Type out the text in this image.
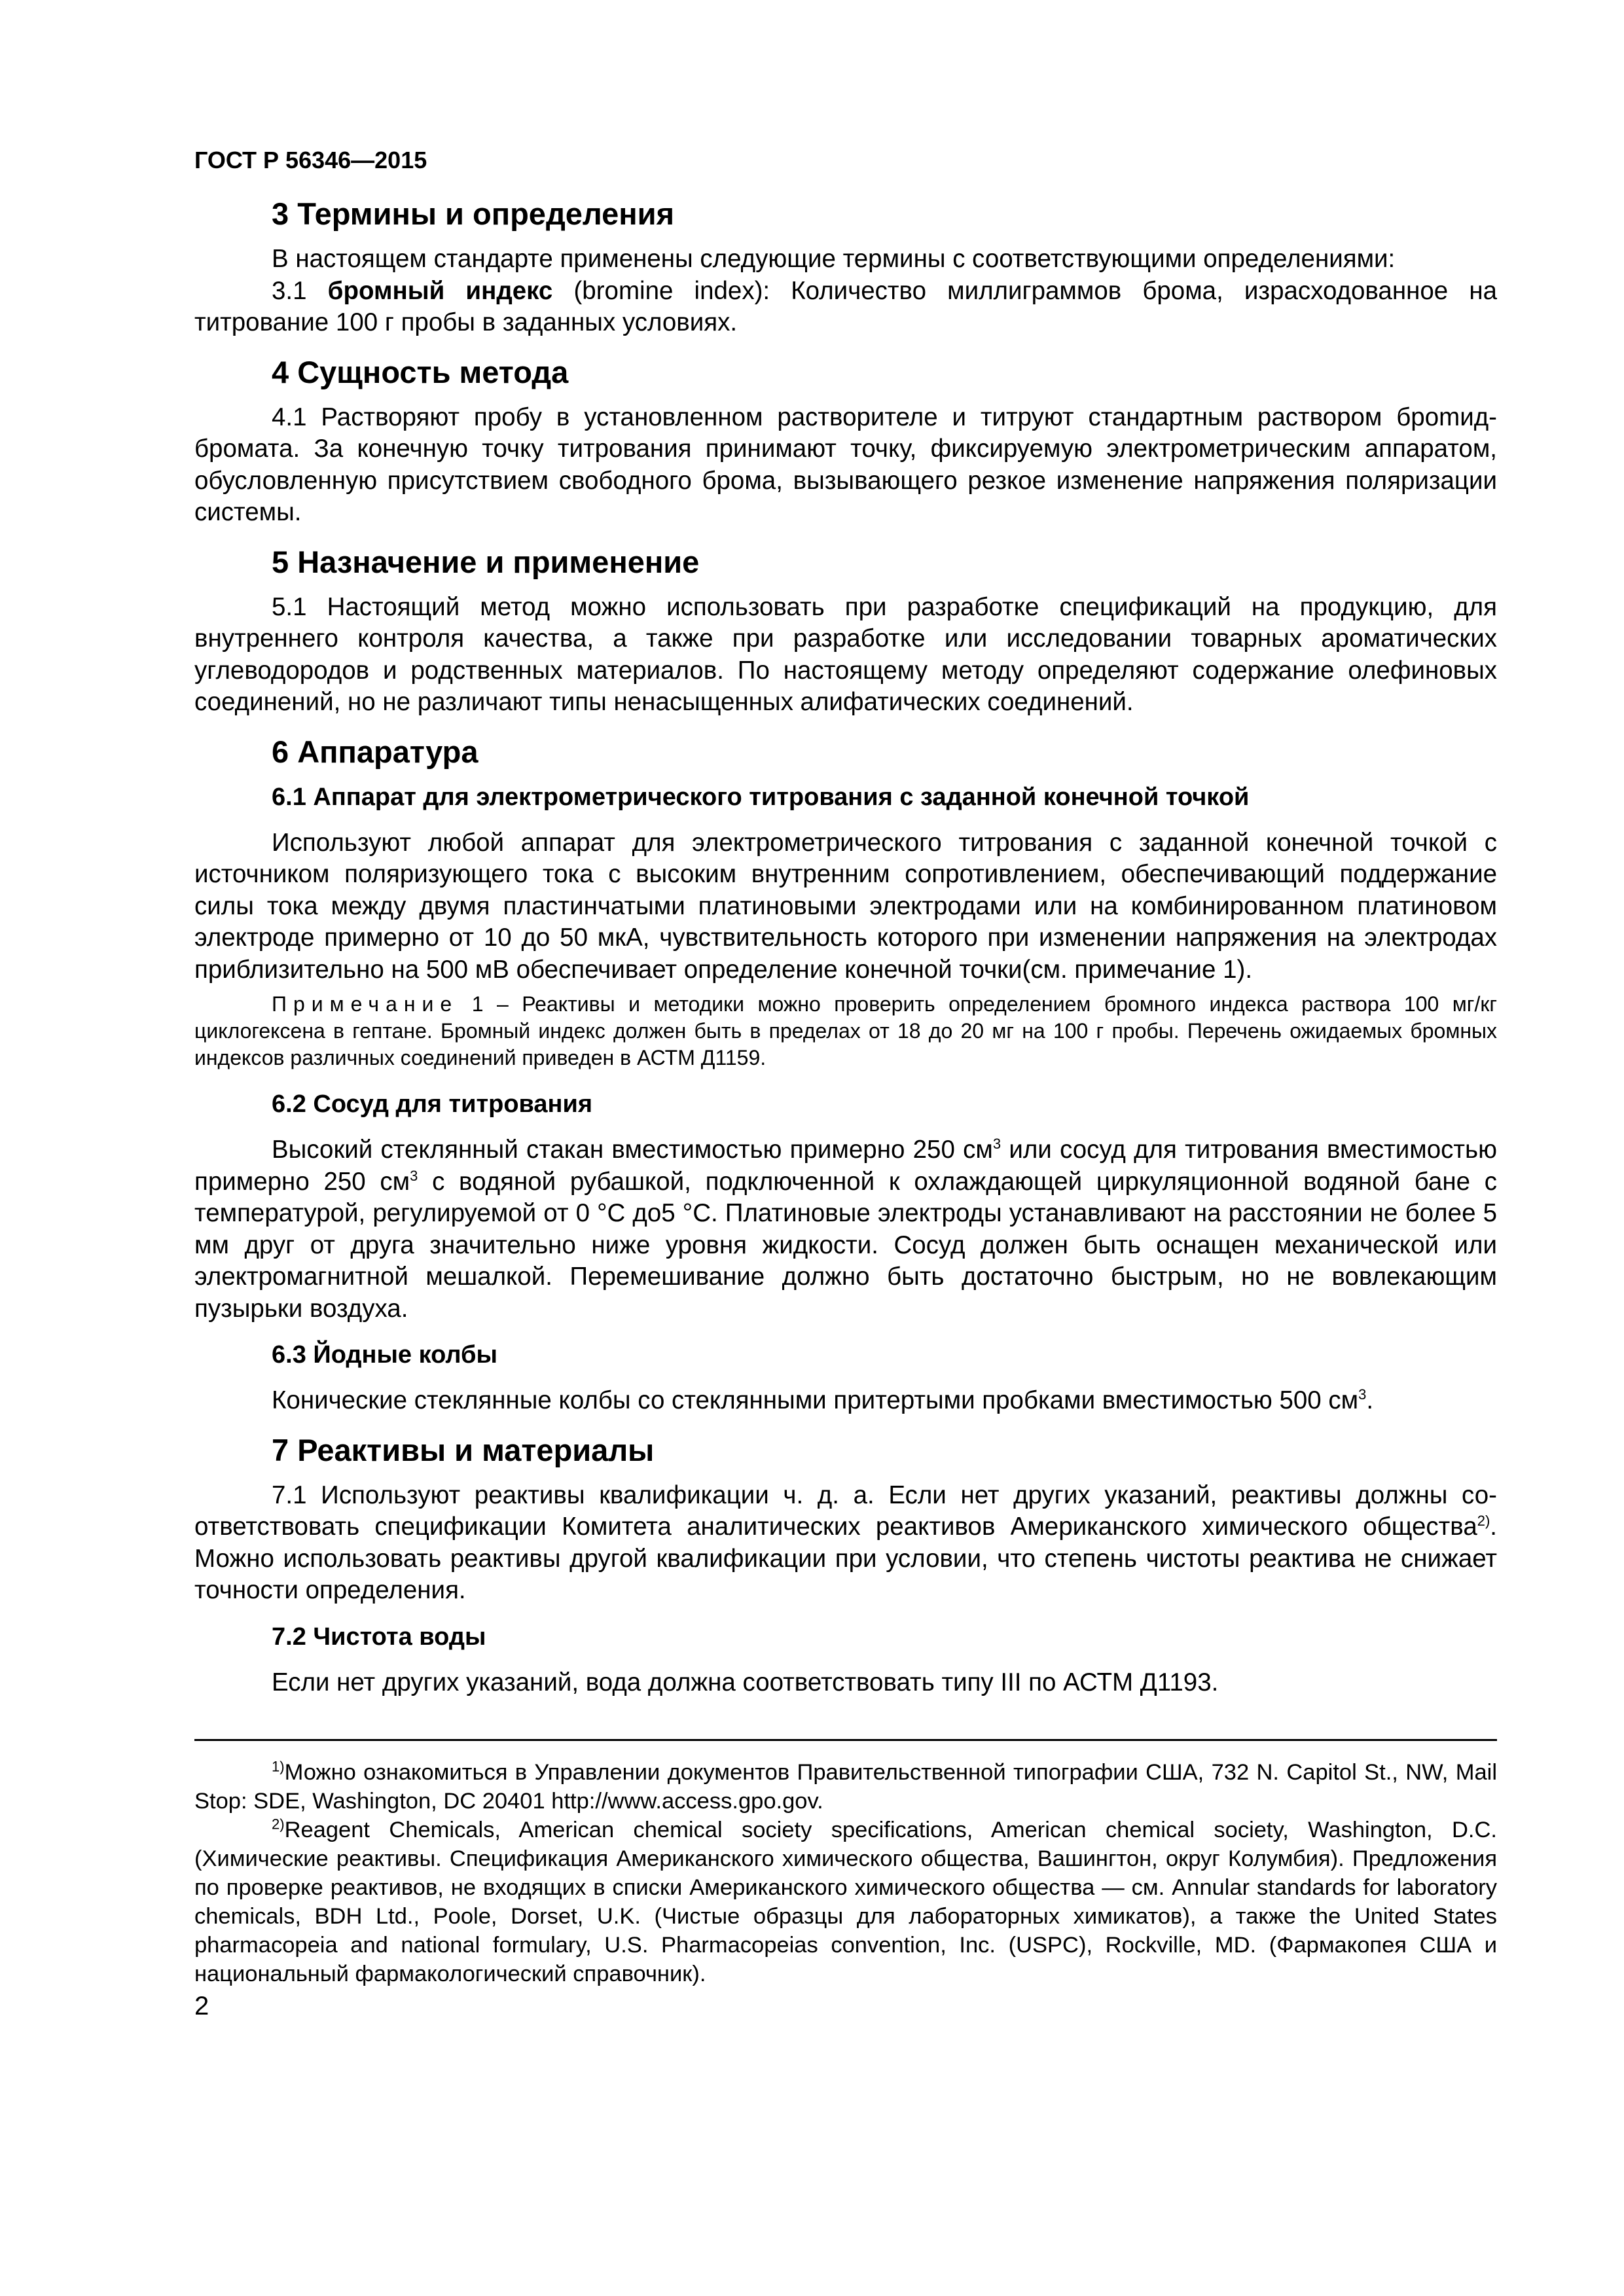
ГОСТ Р 56346—2015
3 Термины и определения

В настоящем стандарте применены следующие термины с соответствующими определениями:

3.1 бромный индекс (bromine index): Количество миллиграммов брома, израсходованное на титрование 100 г пробы в заданных условиях.

4 Сущность метода

4.1 Растворяют пробу в установленном растворителе и титруют стандартным раствором броmид-бромата. За конечную точку титрования принимают точку, фиксируемую электрометрическим аппаратом, обусловленную присутствием свободного брома, вызывающего резкое изменение напряжения поляризации системы.

5 Назначение и применение

5.1 Настоящий метод можно использовать при разработке спецификаций на продукцию, для внутреннего контроля качества, а также при разработке или исследовании товарных ароматических углеводородов и родственных материалов. По настоящему методу определяют содержание олефиновых соединений, но не различают типы ненасыщенных алифатических соединений.

6 Аппаратура
6.1 Аппарат для электрометрического титрования с заданной конечной точкой

Используют любой аппарат для электрометрического титрования с заданной конечной точкой с источником поляризующего тока с высоким внутренним сопротивлением, обеспечивающий поддержание силы тока между двумя пластинчатыми платиновыми электродами или на комбинированном платиновом электроде примерно от 10 до 50 мкА, чувствительность которого при изменении напряжения на электродах приблизительно на 500 мВ обеспечивает определение конечной точки(см. примечание 1).

Примечание 1 – Реактивы и методики можно проверить определением бромного индекса раствора 100 мг/кг циклогексена в гептане. Бромный индекс должен быть в пределах от 18 до 20 мг на 100 г пробы. Перечень ожидаемых бромных индексов различных соединений приведен в АСТМ Д1159.

6.2 Сосуд для титрования

Высокий стеклянный стакан вместимостью примерно 250 $см^3$ или сосуд для титрования вместимостью примерно 250 $см^3$ с водяной рубашкой, подключенной к охлаждающей циркуляционной водяной бане с температурой, регулируемой от 0 °С до5 °С. Платиновые электроды устанавливают на расстоянии не более 5 мм друг от друга значительно ниже уровня жидкости. Сосуд должен быть оснащен механической или электромагнитной мешалкой. Перемешивание должно быть достаточно быстрым, но не вовлекающим пузырьки воздуха.

6.3 Йодные колбы

Конические стеклянные колбы со стеклянными притертыми пробками вместимостью 500 $см^3$.

7 Реактивы и материалы

7.1 Используют реактивы квалификации ч. д. а. Если нет других указаний, реактивы должны соответствовать спецификации Комитета аналитических реактивов Американского химического общества$^{2)}$. Можно использовать реактивы другой квалификации при условии, что степень чистоты реактива не снижает точности определения.

7.2 Чистота воды

Если нет других указаний, вода должна соответствовать типу III по АСТМ Д1193.

$^{1)}$Можно ознакомиться в Управлении документов Правительственной типографии США, 732 N. Capitol St., NW, Mail Stop: SDE, Washington, DC 20401 http://www.access.gpo.gov.

$^{2)}$Reagent Chemicals, American chemical society specifications, American chemical society, Washington, D.C. (Химические реактивы. Спецификация Американского химического общества, Вашингтон, округ Колумбия). Предложения по проверке реактивов, не входящих в списки Американского химического общества — см. Annular standards for laboratory chemicals, BDH Ltd., Poole, Dorset, U.K. (Чистые образцы для лабораторных химикатов), а также the United States pharmacopeia and national formulary, U.S. Pharmacopeias convention, Inc. (USPC), Rockville, MD. (Фармакопея США и национальный фармакологический справочник).

2
